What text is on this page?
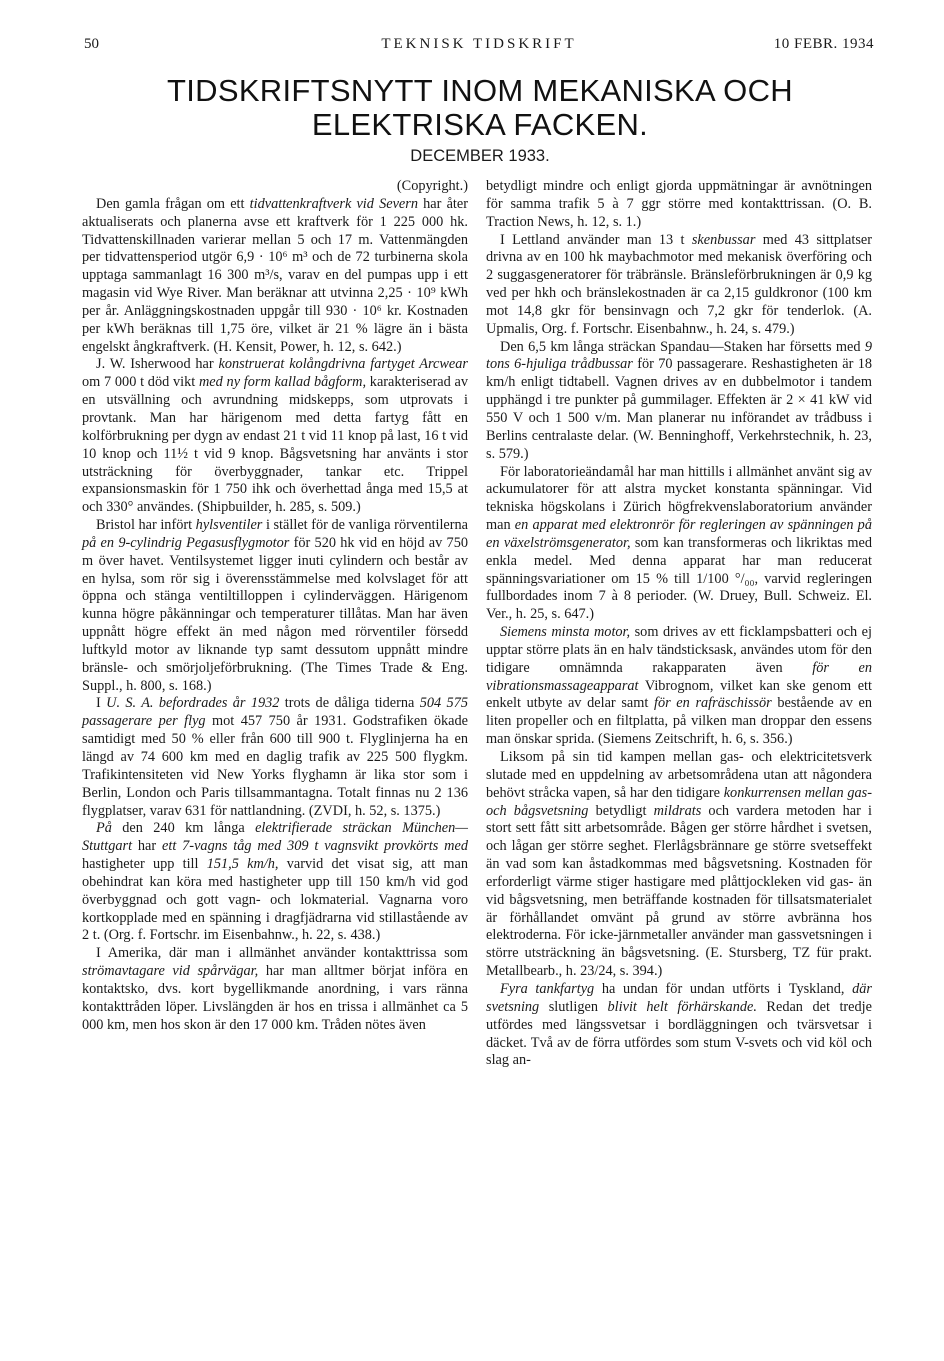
50	TEKNISK TIDSKRIFT	10 FEBR. 1934
TIDSKRIFTSNYTT INOM MEKANISKA OCH
ELEKTRISKA FACKEN.
DECEMBER 1933.
(Copyright.)

Den gamla frågan om ett tidvattenkraftverk vid Severn har åter aktualiserats och planerna avse ett kraftverk för 1 225 000 hk. Tidvattenskillnaden varierar mellan 5 och 17 m. Vattenmängden per tidvattensperiod utgör 6,9 · 10⁶ m³ och de 72 turbinerna skola upptaga sammanlagt 16 300 m³/s, varav en del pumpas upp i ett magasin vid Wye River. Man beräknar att utvinna 2,25 · 10⁹ kWh per år. Anläggningskostnaden uppgår till 930 · 10⁶ kr. Kostnaden per kWh beräknas till 1,75 öre, vilket är 21 % lägre än i bästa engelskt ångkraftverk. (H. Kensit, Power, h. 12, s. 642.)

J. W. Isherwood har konstruerat kolångdrivna fartyget Arcwear om 7 000 t död vikt med ny form kallad bågform, karakteriserad av en utsvällning och avrundning midskepps, som utprovats i provtank. Man har härigenom med detta fartyg fått en kolförbrukning per dygn av endast 21 t vid 11 knop på last, 16 t vid 10 knop och 11½ t vid 9 knop. Bågsvetsning har använts i stor utsträckning för överbyggnader, tankar etc. Trippel expansionsmaskin för 1 750 ihk och överhettad ånga med 15,5 at och 330° användes. (Shipbuilder, h. 285, s. 509.)

Bristol har infört hylsventiler i stället för de vanliga rörventilerna på en 9-cylindrig Pegasusflygmotor för 520 hk vid en höjd av 750 m över havet. Ventilsystemet ligger inuti cylindern och består av en hylsa, som rör sig i överensstämmelse med kolvslaget för att öppna och stänga ventiltilloppen i cylinderväggen. Härigenom kunna högre påkänningar och temperaturer tillåtas. Man har även uppnått högre effekt än med någon med rörventiler försedd luftkyld motor av liknande typ samt dessutom uppnått mindre bränsle- och smörjoljeförbrukning. (The Times Trade & Eng. Suppl., h. 800, s. 168.)

I U. S. A. befordrades år 1932 trots de dåliga tiderna 504 575 passagerare per flyg mot 457 750 år 1931. Godstrafiken ökade samtidigt med 50 % eller från 600 till 900 t. Flyglinjerna ha en längd av 74 600 km med en daglig trafik av 225 500 flygkm. Trafikintensiteten vid New Yorks flyghamn är lika stor som i Berlin, London och Paris tillsammantagna. Totalt finnas nu 2 136 flygplatser, varav 631 för nattlandning. (ZVDI, h. 52, s. 1375.)

På den 240 km långa elektrifierade sträckan München—Stuttgart har ett 7-vagns tåg med 309 t vagnsvikt provkörts med hastigheter upp till 151,5 km/h, varvid det visat sig, att man obehindrat kan köra med hastigheter upp till 150 km/h vid god överbyggnad och gott vagn- och lokmaterial. Vagnarna voro kortkopplade med en spänning i dragfjädrarna vid stillastående av 2 t. (Org. f. Fortschr. im Eisenbahnw., h. 22, s. 438.)

I Amerika, där man i allmänhet använder kontakttrissa som strömavtagare vid spårvägar, har man alltmer börjat införa en kontaktsko, dvs. kort bygellikmande anordning, i vars ränna kontakttråden löper. Livslängden är hos en trissa i allmänhet ca 5 000 km, men hos skon är den 17 000 km. Tråden nötes även

betydligt mindre och enligt gjorda uppmätningar är avnötningen för samma trafik 5 à 7 ggr större med kontakttrissan. (O. B. Traction News, h. 12, s. 1.)

I Lettland använder man 13 t skenbussar med 43 sittplatser drivna av en 100 hk maybachmotor med mekanisk överföring och 2 suggasgeneratorer för träbränsle. Bränsleförbrukningen är 0,9 kg ved per hkh och bränslekostnaden är ca 2,15 guldkronor (100 km mot 14,8 gkr för bensinvagn och 7,2 gkr för tenderlok. (A. Upmalis, Org. f. Fortschr. Eisenbahnw., h. 24, s. 479.)

Den 6,5 km långa sträckan Spandau—Staken har försetts med 9 tons 6-hjuliga trådbussar för 70 passagerare. Reshastigheten är 18 km/h enligt tidtabell. Vagnen drives av en dubbelmotor i tandem upphängd i tre punkter på gummilager. Effekten är 2 × 41 kW vid 550 V och 1 500 v/m. Man planerar nu införandet av trådbuss i Berlins centralaste delar. (W. Benninghoff, Verkehrstechnik, h. 23, s. 579.)

För laboratorieändamål har man hittills i allmänhet använt sig av ackumulatorer för att alstra mycket konstanta spänningar. Vid tekniska högskolans i Zürich högfrekvenslaboratorium använder man en apparat med elektronrör för regleringen av spänningen på en växelströmsgenerator, som kan transformeras och likriktas med enkla medel. Med denna apparat har man reducerat spänningsvariationer om 15 % till 1/100 °/₀₀, varvid regleringen fullbordades inom 7 à 8 perioder. (W. Druey, Bull. Schweiz. El. Ver., h. 25, s. 647.)

Siemens minsta motor, som drives av ett ficklampsbatteri och ej upptar större plats än en halv tändsticksask, användes utom för den tidigare omnämnda rakapparaten även för en vibrationsmassageapparat Vibrognom, vilket kan ske genom ett enkelt utbyte av delar samt för en rafräschissör bestående av en liten propeller och en filtplatta, på vilken man droppar den essens man önskar sprida. (Siemens Zeitschrift, h. 6, s. 356.)

Liksom på sin tid kampen mellan gas- och elektricitetsverk slutade med en uppdelning av arbetsområdena utan att någondera behövt stråcka vapen, så har den tidigare konkurrensen mellan gas- och bågsvetsning betydligt mildrats och vardera metoden har i stort sett fått sitt arbetsområde. Bågen ger större hårdhet i svetsen, och lågan ger större seghet. Flerlågsbrännare ge större svetseffekt än vad som kan åstadkommas med bågsvetsning. Kostnaden för erforderligt värme stiger hastigare med plåttjockleken vid gas- än vid bågsvetsning, men beträffande kostnaden för tillsatsmaterialet är förhållandet omvänt på grund av större avbränna hos elektroderna. För icke-järnmetaller använder man gassvetsningen i större utsträckning än bågsvetsning. (E. Stursberg, TZ für prakt. Metallbearb., h. 23/24, s. 394.)

Fyra tankfartyg ha undan för undan utförts i Tyskland, där svetsning slutligen blivit helt förhärskande. Redan det tredje utfördes med längssvetsar i bordläggningen och tvärsvetsar i däcket. Två av de förra utfördes som stum V-svets och vid köl och slag an-
